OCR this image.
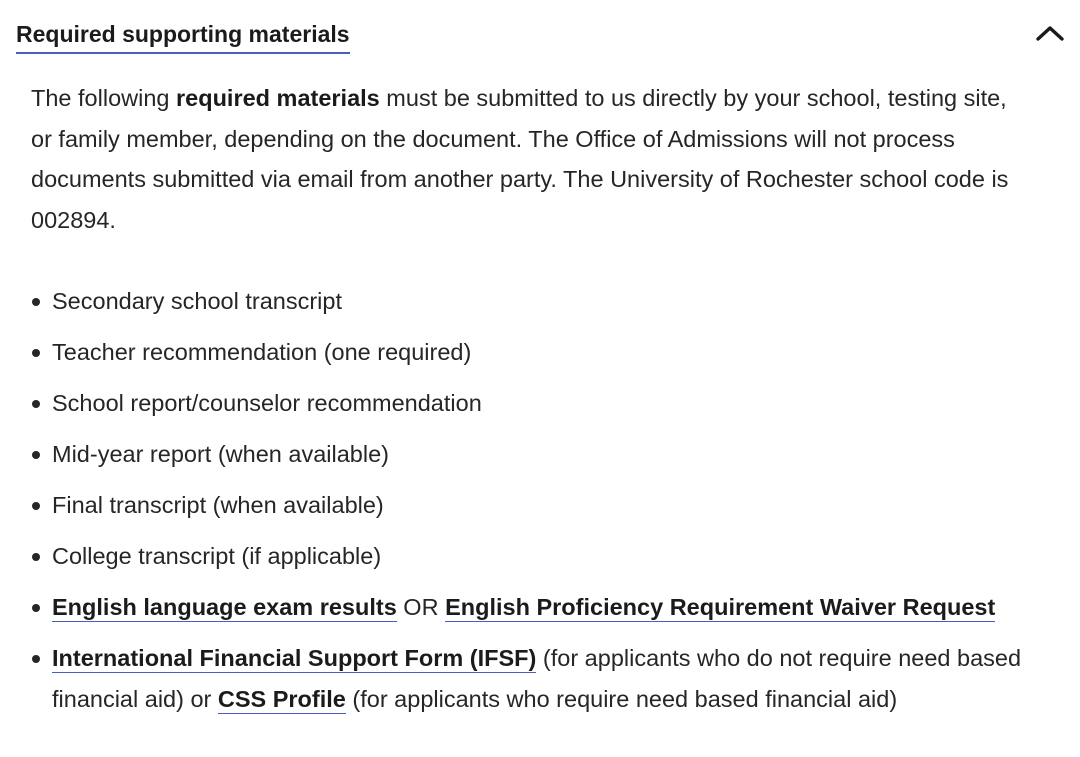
Required supporting materials

The following required materials must be submitted to us directly by your school, testing site, or family member, depending on the document. The Office of Admissions will not process documents submitted via email from another party. The University of Rochester school code is 002894.

Secondary school transcript
Teacher recommendation (one required)
School report/counselor recommendation
Mid-year report (when available)
Final transcript (when available)
College transcript (if applicable)
English language exam results OR English Proficiency Requirement Waiver Request
International Financial Support Form (IFSF) (for applicants who do not require need based financial aid) or CSS Profile (for applicants who require need based financial aid)
